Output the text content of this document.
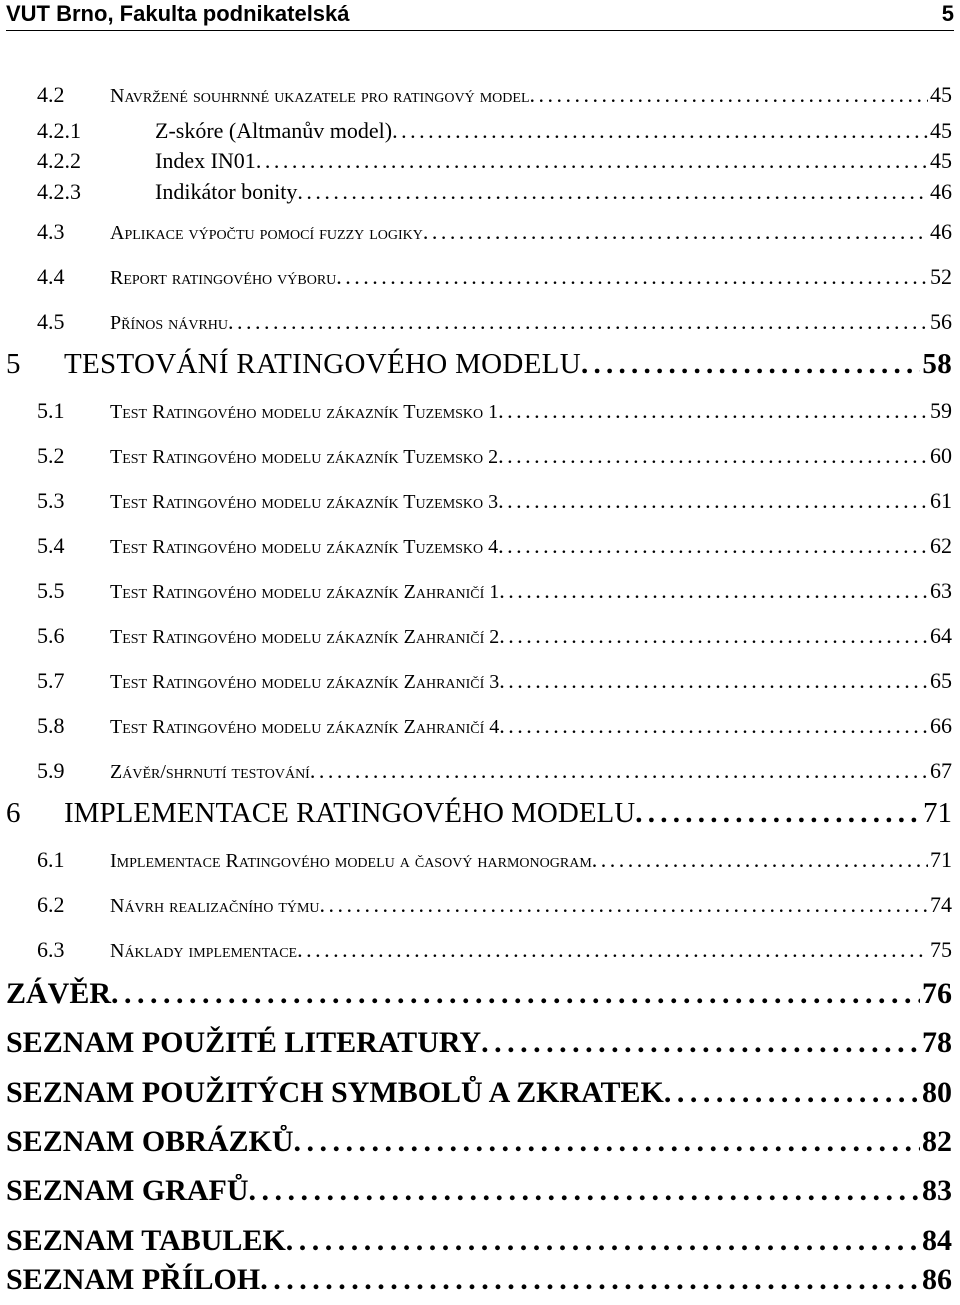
VUT Brno, Fakulta podnikatelská	5
4.2	Navržené souhrnné ukazatele pro ratingový model . . .	45
4.2.1	Z-skóre (Altmanův model) . . .	45
4.2.2	Index IN01 . . .	45
4.2.3	Indikátor bonity . . .	46
4.3	Aplikace výpočtu pomocí fuzzy logiky . . .	46
4.4	Report ratingového výboru . . .	52
4.5	Přínos návrhu . . .	56
5	TESTOVÁNÍ RATINGOVÉHO MODELU . . .	58
5.1	Test Ratingového modelu zákazník Tuzemsko 1 . . .	59
5.2	Test Ratingového modelu zákazník Tuzemsko 2 . . .	60
5.3	Test Ratingového modelu zákazník Tuzemsko 3 . . .	61
5.4	Test Ratingového modelu zákazník Tuzemsko 4 . . .	62
5.5	Test Ratingového modelu zákazník Zahraničí 1 . . .	63
5.6	Test Ratingového modelu zákazník Zahraničí 2 . . .	64
5.7	Test Ratingového modelu zákazník Zahraničí 3 . . .	65
5.8	Test Ratingového modelu zákazník Zahraničí 4 . . .	66
5.9	Závěr/shrnutí testování . . .	67
6	IMPLEMENTACE RATINGOVÉHO MODELU . . .	71
6.1	Implementace Ratingového modelu a časový harmonogram . . .	71
6.2	Návrh realizačního týmu . . .	74
6.3	Náklady implementace . . .	75
ZÁVĚR . . .	76
SEZNAM POUŽITÉ LITERATURY . . .	78
SEZNAM POUŽITÝCH SYMBOLŮ A ZKRATEK . . .	80
SEZNAM OBRÁZKŮ . . .	82
SEZNAM GRAFŮ . . .	83
SEZNAM TABULEK . . .	84
SEZNAM PŘÍLOH . . .	86
